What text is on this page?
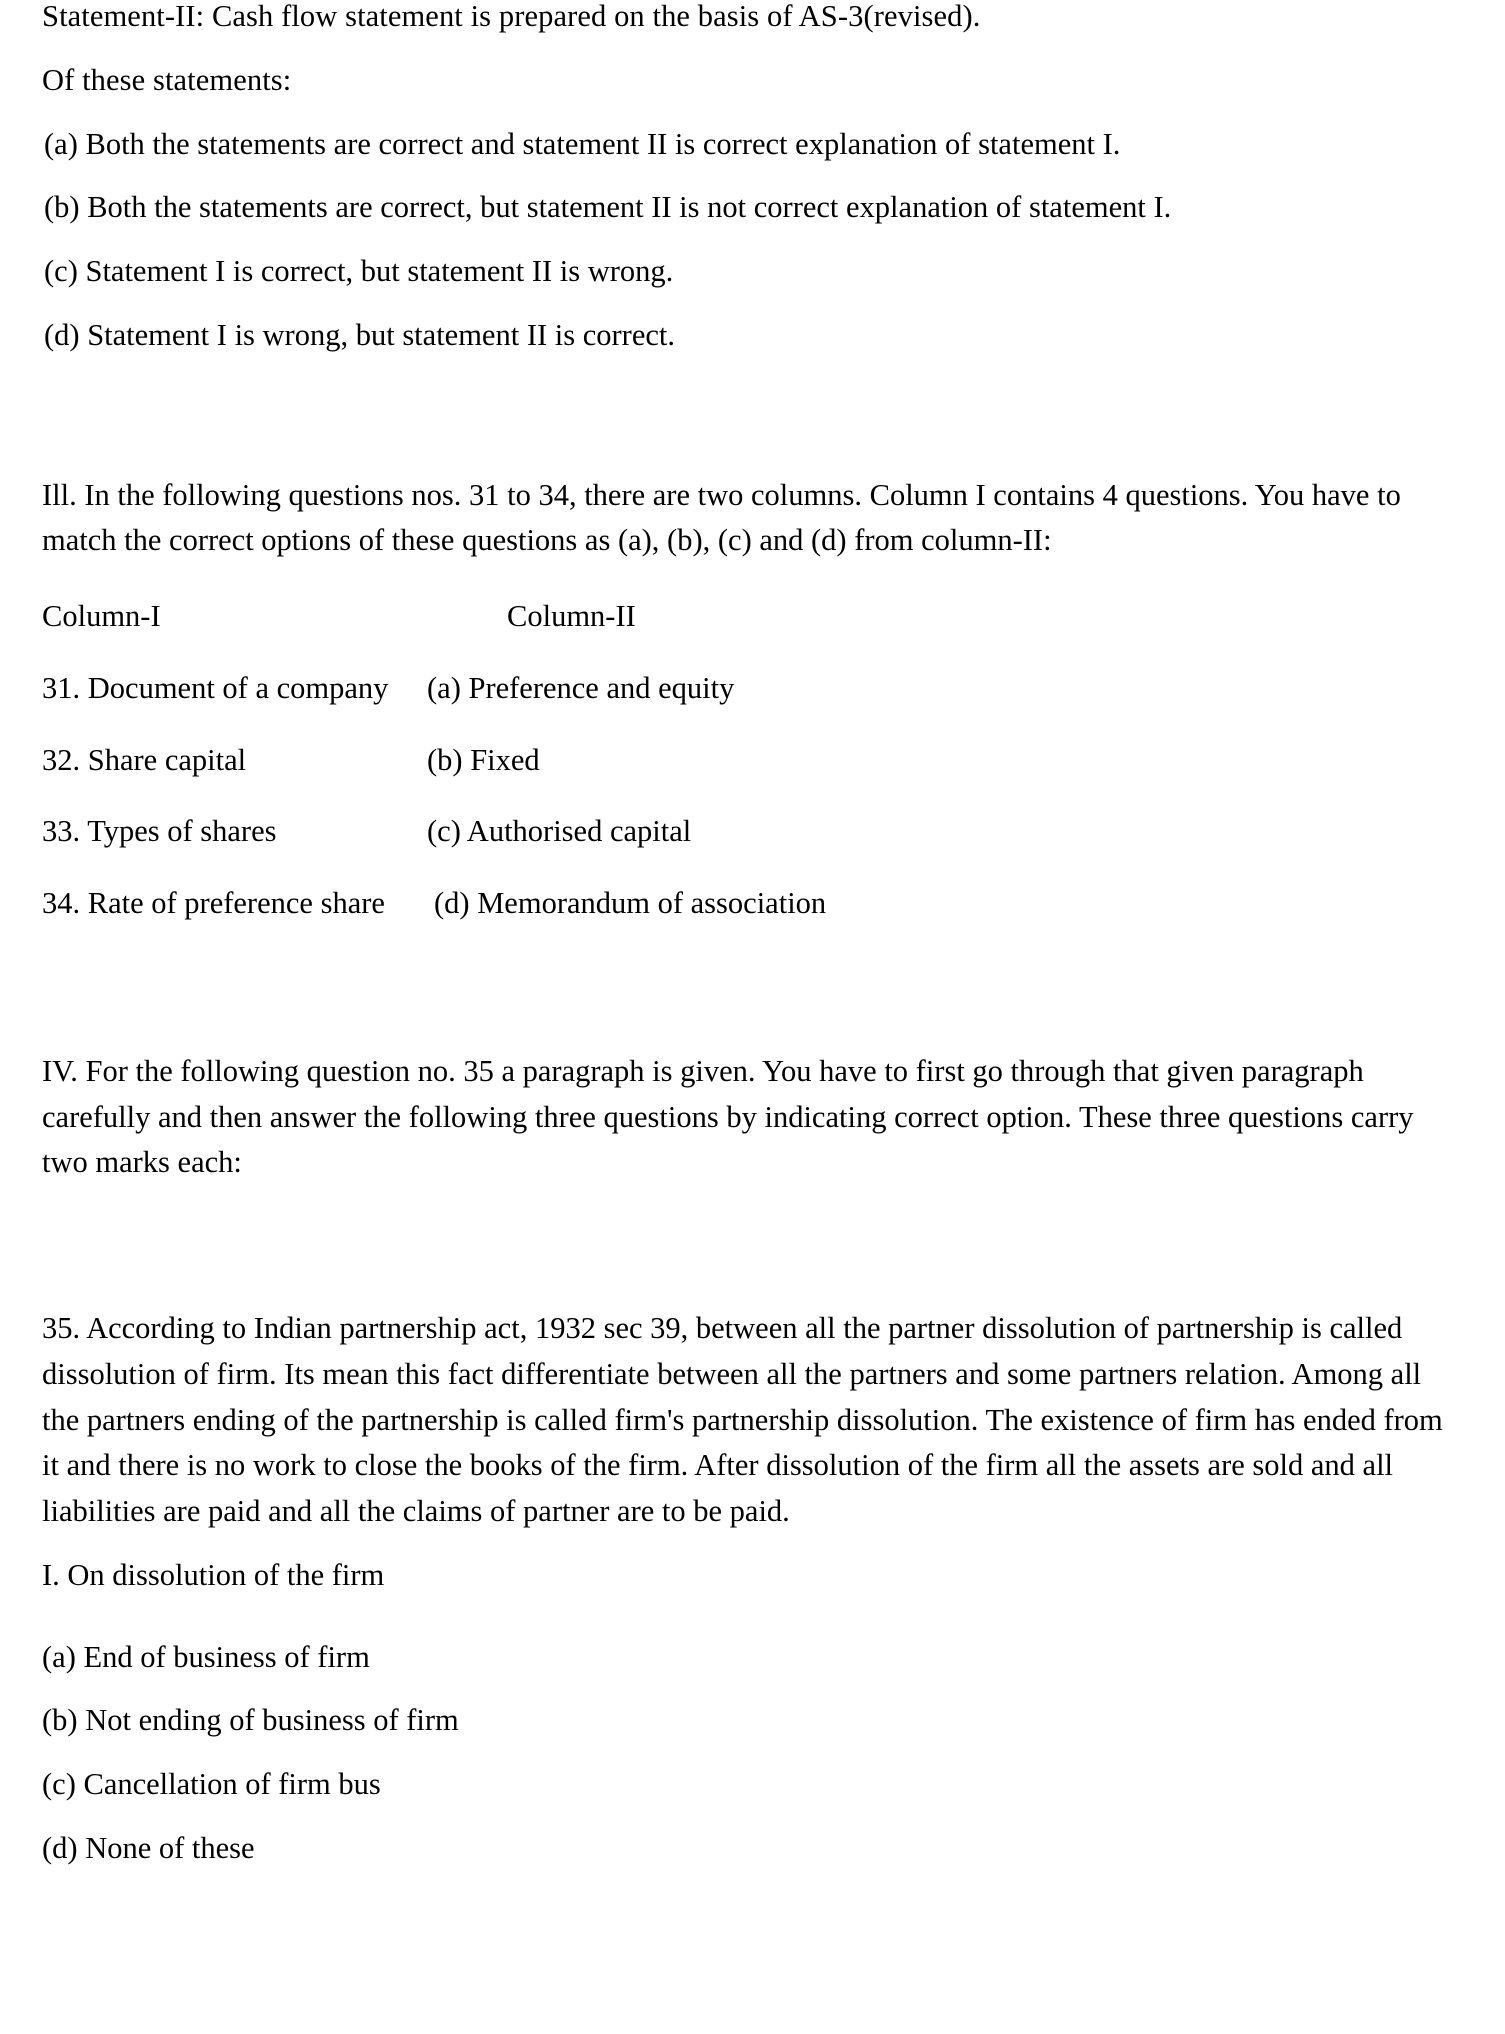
Statement-II: Cash flow statement is prepared on the basis of AS-3(revised).

Of these statements:

(a) Both the statements are correct and statement II is correct explanation of statement I.

(b) Both the statements are correct, but statement II is not correct explanation of statement I.

(c) Statement I is correct, but statement II is wrong.

(d) Statement I is wrong, but statement II is correct.

Ill. In the following questions nos. 31 to 34, there are two columns. Column I contains 4 questions. You have to match the correct options of these questions as (a), (b), (c) and (d) from column-II:

Column-I	Column-II
31. Document of a company	(a) Preference and equity
32. Share capital	(b) Fixed
33. Types of shares	(c) Authorised capital
34. Rate of preference share	(d) Memorandum of association

IV. For the following question no. 35 a paragraph is given. You have to first go through that given paragraph carefully and then answer the following three questions by indicating correct option. These three questions carry two marks each:

35. According to Indian partnership act, 1932 sec 39, between all the partner dissolution of partnership is called dissolution of firm. Its mean this fact differentiate between all the partners and some partners relation. Among all the partners ending of the partnership is called firm's partnership dissolution. The existence of firm has ended from it and there is no work to close the books of the firm. After dissolution of the firm all the assets are sold and all liabilities are paid and all the claims of partner are to be paid.

I. On dissolution of the firm

(a) End of business of firm

(b) Not ending of business of firm

(c) Cancellation of firm bus

(d) None of these
